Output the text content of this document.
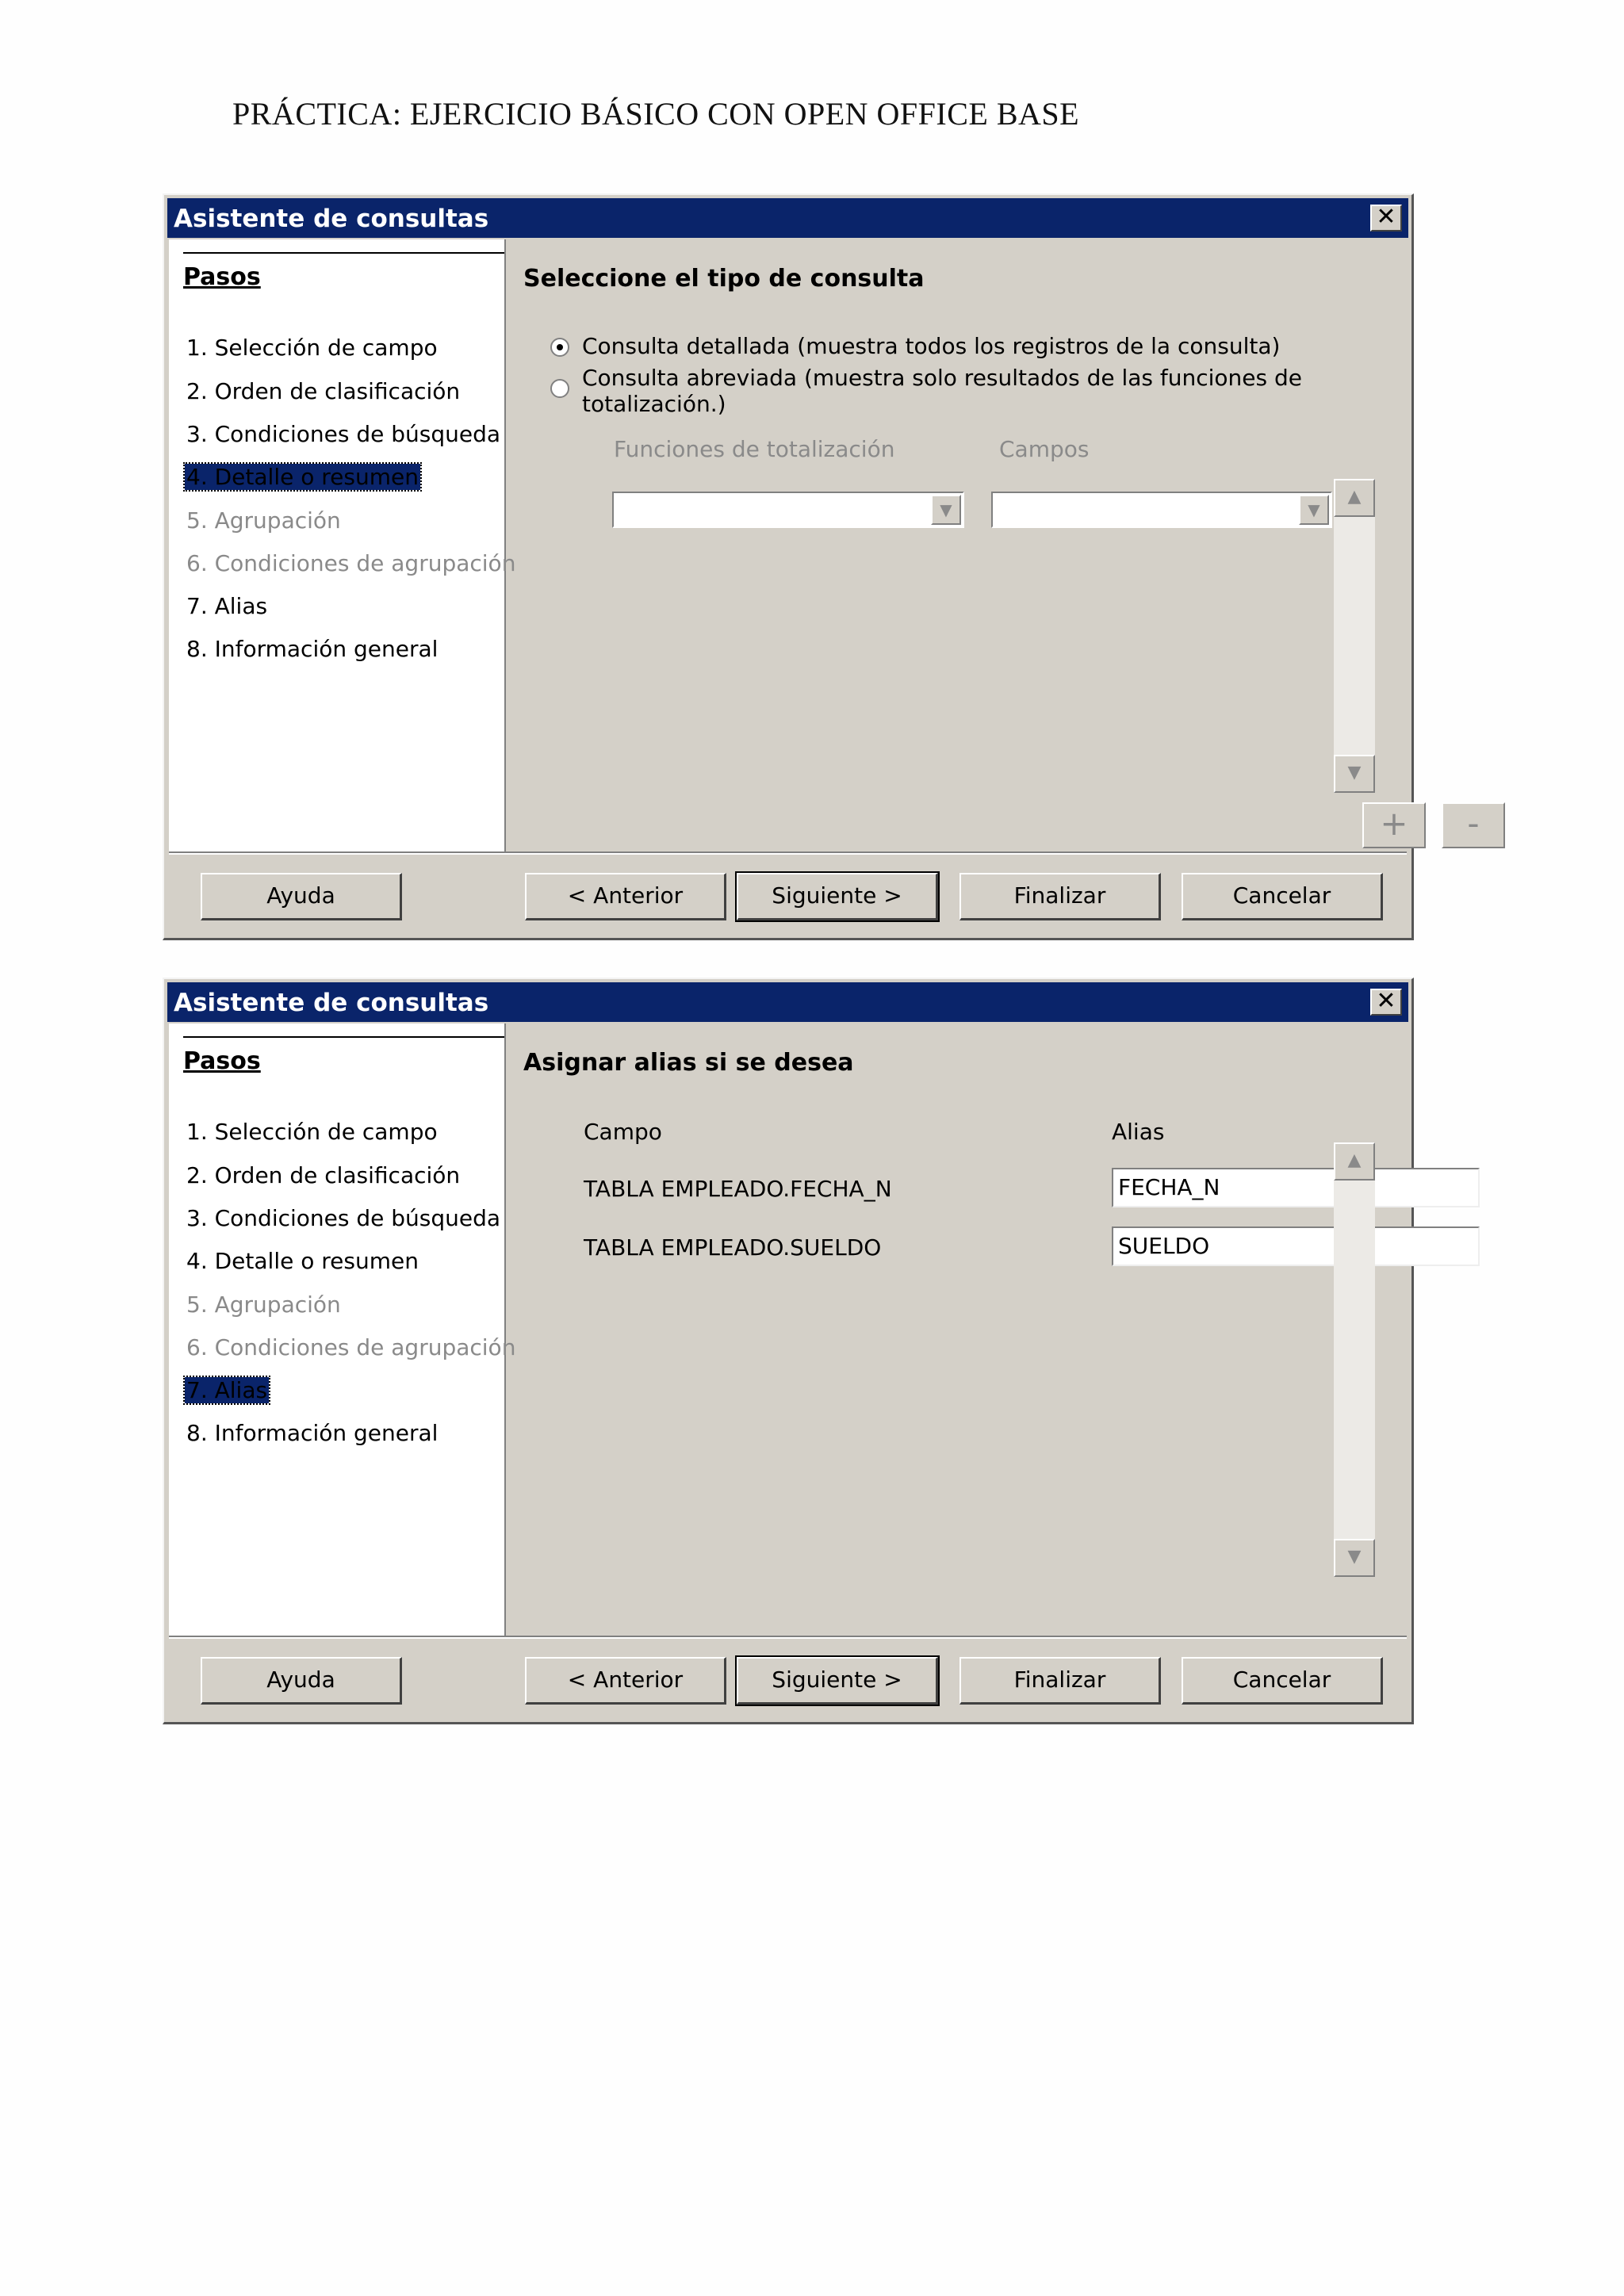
PRÁCTICA: EJERCICIO BÁSICO CON OPEN OFFICE BASE
Asistente de consultas	✕
Pasos
1. Selección de campo
2. Orden de clasificación
3. Condiciones de búsqueda
4. Detalle o resumen
5. Agrupación
6. Condiciones de agrupación
7. Alias
8. Información general
Seleccione el tipo de consulta
Consulta detallada (muestra todos los registros de la consulta)
Consulta abreviada (muestra solo resultados de las funciones de
totalización.)
Funciones de totalización	Campos
▼	▼
▲
▼
+	-
Ayuda	< Anterior	Siguiente >	Finalizar	Cancelar
Asistente de consultas	✕
Pasos
1. Selección de campo
2. Orden de clasificación
3. Condiciones de búsqueda
4. Detalle o resumen
5. Agrupación
6. Condiciones de agrupación
7. Alias
8. Información general
Asignar alias si se desea
Campo	Alias
TABLA EMPLEADO.FECHA_N	FECHA_N
TABLA EMPLEADO.SUELDO	SUELDO
▲
▼
Ayuda	< Anterior	Siguiente >	Finalizar	Cancelar
